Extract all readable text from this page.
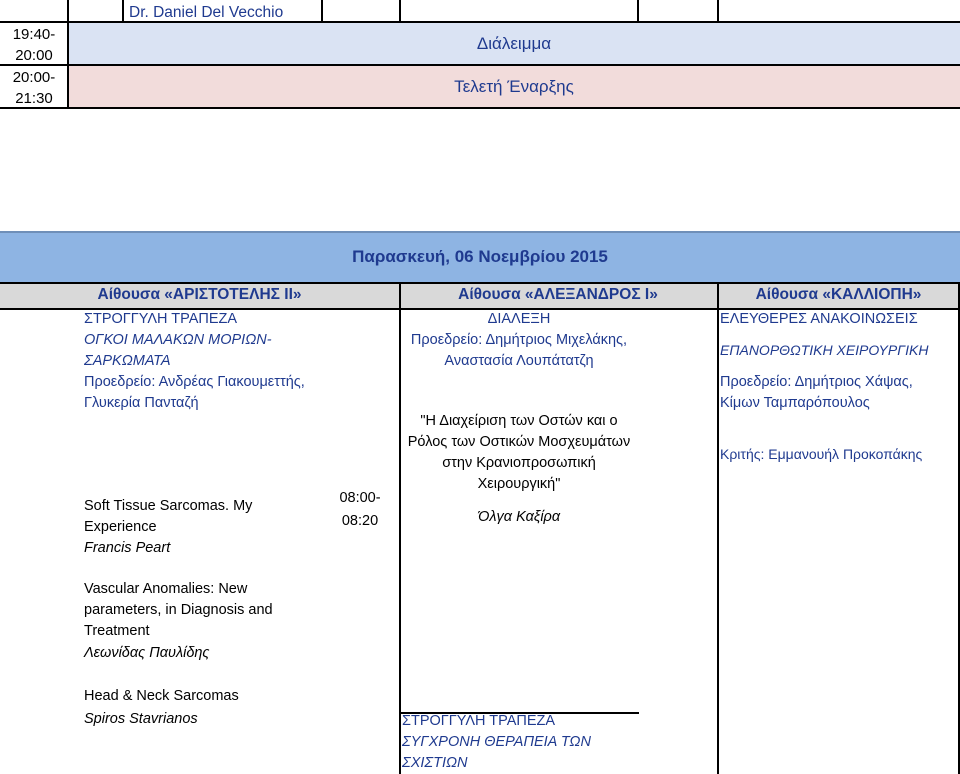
Dr. Daniel Del Vecchio
19:40-
20:00
20:00-
21:30
Διάλειμμα
Τελετή Έναρξης
Παρασκευή, 06 Νοεμβρίου 2015
Αίθουσα «ΑΡΙΣΤΟΤΕΛΗΣ ΙΙ»	Αίθουσα «ΑΛΕΞΑΝΔΡΟΣ Ι»	Αίθουσα «ΚΑΛΛΙΟΠΗ»
ΣΤΡΟΓΓΥΛΗ ΤΡΑΠΕΖΑ
ΟΓΚΟΙ ΜΑΛΑΚΩΝ ΜΟΡΙΩΝ-
ΣΑΡΚΩΜΑΤΑ
Προεδρείο: Ανδρέας Γιακουμεττής,
Γλυκερία Πανταζή
Soft Tissue Sarcomas. My
Experience
Francis Peart
Vascular Anomalies: New
parameters, in Diagnosis and
Treatment
Λεωνίδας Παυλίδης
Head & Neck Sarcomas
Spiros Stavrianos
08:00-
08:20
ΔΙΑΛΕΞΗ
Προεδρείο: Δημήτριος Μιχελάκης,
Αναστασία Λουπάτατζη
"Η Διαχείριση των Οστών και ο
Ρόλος των Οστικών Μοσχευμάτων
στην Κρανιοπροσωπική
Χειρουργική"
Όλγα Καξίρα
ΣΤΡΟΓΓΥΛΗ ΤΡΑΠΕΖΑ
ΣΥΓΧΡΟΝΗ ΘΕΡΑΠΕΙΑ ΤΩΝ
ΣΧΙΣΤΙΩΝ
ΕΛΕΥΘΕΡΕΣ ΑΝΑΚΟΙΝΩΣΕΙΣ
ΕΠΑΝΟΡΘΩΤΙΚΗ ΧΕΙΡΟΥΡΓΙΚΗ
Προεδρείο: Δημήτριος Χάψας,
Κίμων Ταμπαρόπουλος
Κριτής: Εμμανουήλ Προκοπάκης
